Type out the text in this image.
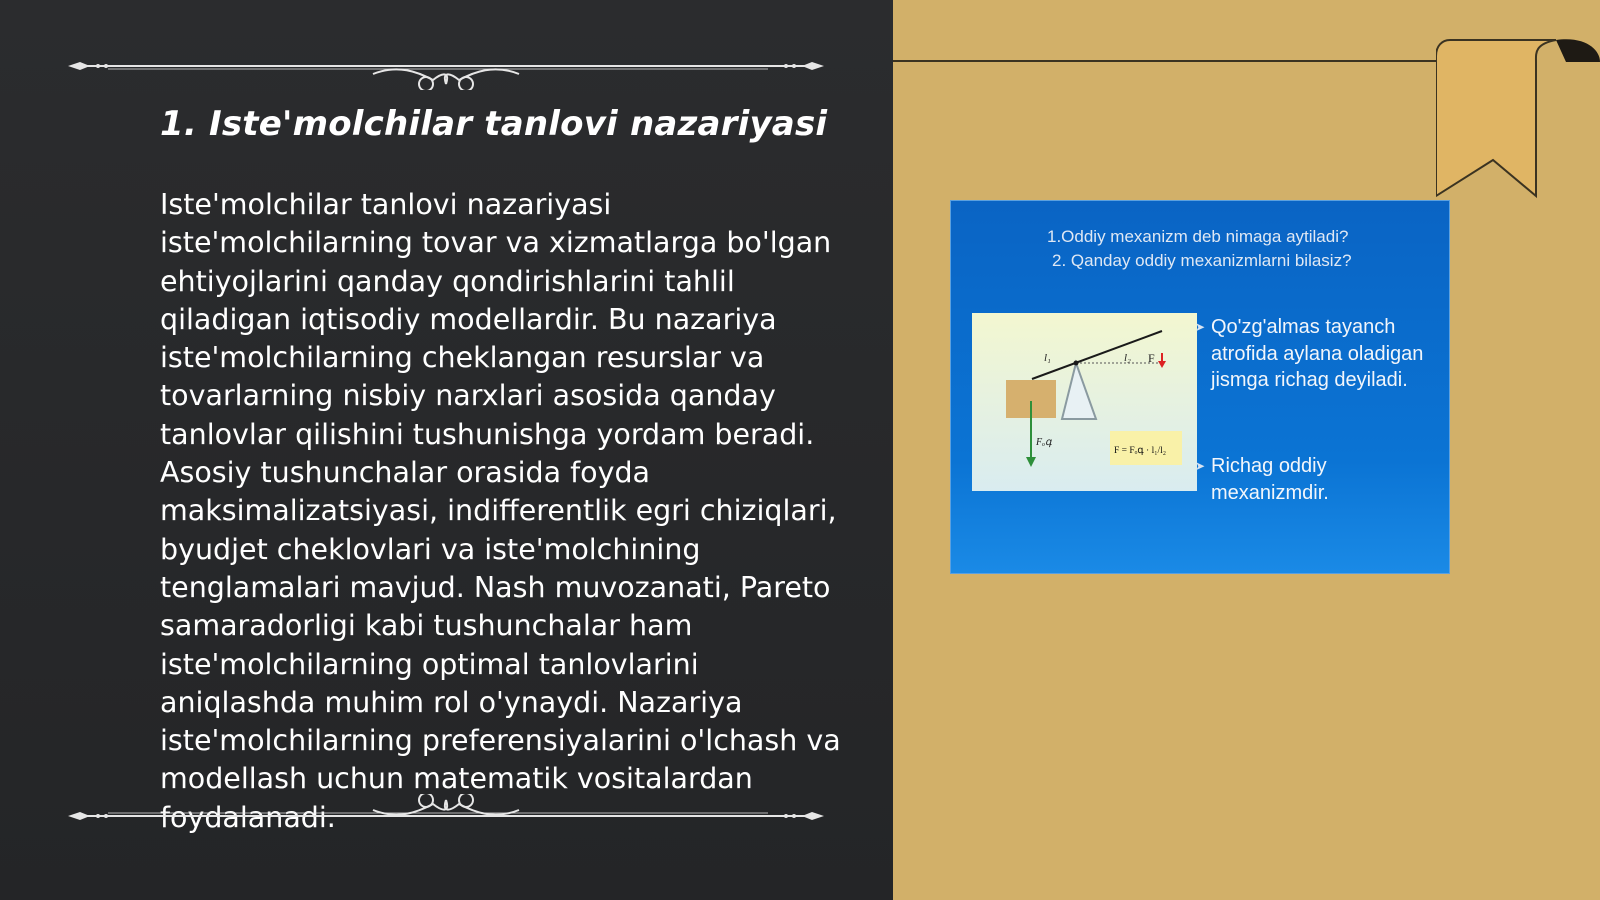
1. Iste'molchilar tanlovi nazariyasi

Iste'molchilar tanlovi nazariyasi iste'molchilarning tovar va xizmatlarga bo'lgan ehtiyojlarini qanday qondirishlarini tahlil qiladigan iqtisodiy modellardir. Bu nazariya iste'molchilarning cheklangan resurslar va tovarlarning nisbiy narxlari asosida qanday tanlovlar qilishini tushunishga yordam beradi. Asosiy tushunchalar orasida foyda maksimalizatsiyasi, indifferentlik egri chiziqlari, byudjet cheklovlari va iste'molchining tenglamalari mavjud. Nash muvozanati, Pareto samaradorligi kabi tushunchalar ham iste'molchilarning optimal tanlovlarini aniqlashda muhim rol o'ynaydi. Nazariya iste'molchilarning preferensiyalarini o'lchash va modellash uchun matematik vositalardan foydalanadi.

1.Oddiy mexanizm deb nimaga aytiladi?
2. Qanday oddiy mexanizmlarni bilasiz?
l₁	l₂ F
Fₒգ
F = Fₒգ · l₁/l₂
➤ Qo'zg'almas tayanch atrofida aylana oladigan jismga richag deyiladi.
➤ Richag oddiy mexanizmdir.
